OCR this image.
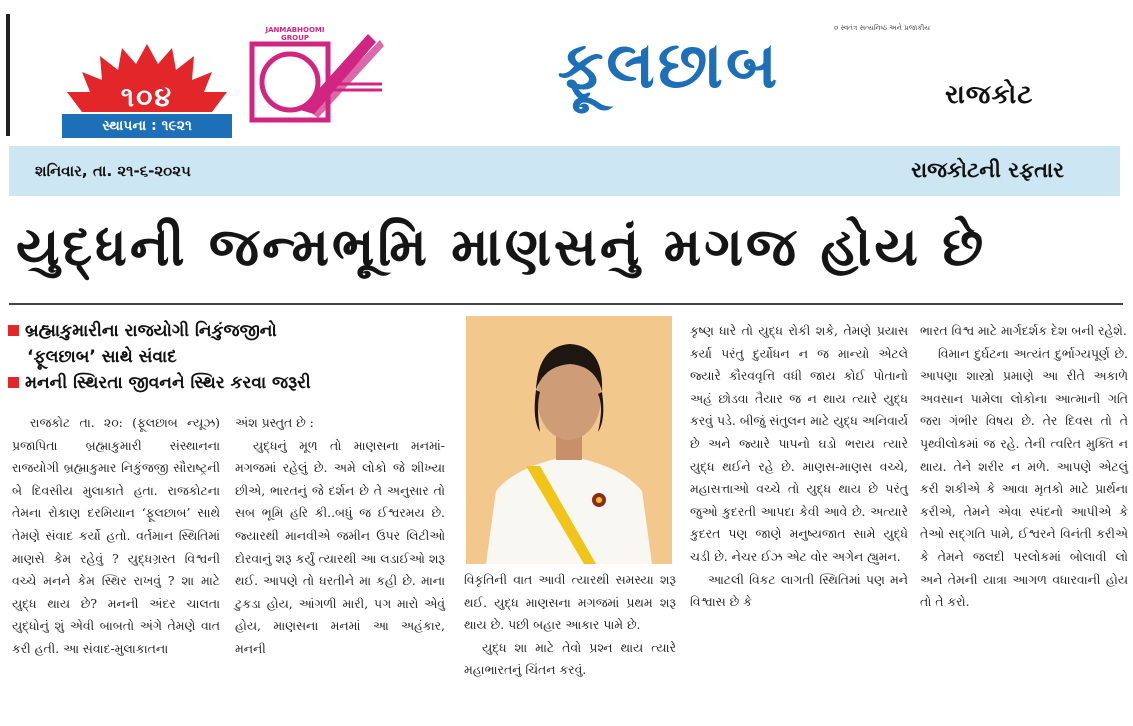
૧૦૪
સ્થાપના : ૧૯૨૧
JANMABHOOMI GROUP	ફૂલછાબ
૦ સ્વતંત્ર સત્યનિષ્ઠ અને પ્રજાકીય
રાજકોટ
શનિવાર, તા. ૨૧-૬-૨૦૨૫	રાજકોટની રફતાર
યુદ્ધની જન્મભૂમિ માણસનું મગજ હોય છે
બ્રહ્માકુમારીના રાજયોગી નિકુંજજીનો
‘ફૂલછાબ’ સાથે સંવાદ
મનની સ્થિરતા જીવનને સ્થિર કરવા જરૂરી

રાજકોટ તા. ૨૦: (ફૂલછાબ ન્યૂઝ) પ્રજાપિતા બ્રહ્માકુમારી સંસ્થાનના રાજયોગી બ્રહ્માકુમાર નિકુંજજી સૌરાષ્ટ્રની બે દિવસીય મુલાકાતે હતા. રાજકોટના તેમના રોકાણ દરમિયાન ‘ફૂલછાબ’ સાથે તેમણે સંવાદ કર્યો હતો. વર્તમાન સ્થિતિમાં માણસે કેમ રહેવું ? યુદ્ધગ્રસ્ત વિશ્વની વચ્ચે મનને કેમ સ્થિર રાખવું ? શા માટે યુદ્ધ થાય છે? મનની અંદર ચાલતા યુદ્ધોનું શું એવી બાબતો અંગે તેમણે વાત કરી હતી. આ સંવાદ-મુલાકાતના

અંશ પ્રસ્તુત છે :

યુદ્ધનું મૂળ તો માણસના મનમાં-મગજમાં રહેલું છે. અમે લોકો જે શીખ્યા છીએ, ભારતનું જે દર્શન છે તે અનુસાર તો સબ ભૂમિ હરિ કી..બધું જ ઈશ્વરમય છે. જ્યારથી માનવીએ જમીન ઉપર લિટીઓ દોરવાનું શરૂ કર્યું ત્યારથી આ લડાઈઓ શરૂ થઈ. આપણે તો ધરતીને મા કહી છે. માના ટુકડા હોય, આંગળી મારી, પગ મારો એવું હોય, માણસના મનમાં આ અહંકાર, મનની

વિકૃતિની વાત આવી ત્યારથી સમસ્યા શરૂ થઈ. યુદ્ધ માણસના મગજમાં પ્રથમ શરૂ થાય છે. પછી બહાર આકાર પામે છે.

યુદ્ધ શા માટે તેવો પ્રશ્ન થાય ત્યારે મહાભારતનું ચિંતન કરવું.

કૃષ્ણ ધારે તો યુદ્ધ રોકી શકે, તેમણે પ્રયાસ કર્યા પરંતુ દુર્યોધન ન જ માન્યો એટલે જ્યારે કૌરવવૃત્તિ વધી જાય કોઈ પોતાનો અહં છોડવા તૈયાર જ ન થાય ત્યારે યુદ્ધ કરવું પડે. બીજું સંતુલન માટે યુદ્ધ અનિવાર્ય છે અને જ્યારે પાપનો ઘડો ભરાય ત્યારે યુદ્ધ થઈને રહે છે. માણસ-માણસ વચ્ચે, મહાસત્તાઓ વચ્ચે તો યુદ્ધ થાય છે પરંતુ જુઓ કુદરતી આપદા કેવી આવે છે. અત્યારે કુદરત પણ જાણે મનુષ્યજાત સામે યુદ્ધે ચડી છે. નેચર ઈઝ એટ વોર અગેન હ્યુમન.

આટલી વિકટ લાગતી સ્થિતિમાં પણ મને વિશ્વાસ છે કે

ભારત વિશ્વ માટે માર્ગદર્શક દેશ બની રહેશે.

વિમાન દુર્ઘટના અત્યંત દુર્ભાગ્યપૂર્ણ છે. આપણા શાસ્ત્રો પ્રમાણે આ રીતે અકાળે અવસાન પામેલા લોકોના આત્માની ગતિ જરા ગંભીર વિષય છે. તેર દિવસ તો તે પૃથ્વીલોકમાં જ રહે. તેની ત્વરિત મુક્તિ ન થાય. તેને શરીર ન મળે. આપણે એટલું કરી શકીએ કે આવા મૃતકો માટે પ્રાર્થના કરીએ, તેમને એવા સ્પંદનો આપીએ કે તેઓ સદ્ગતિ પામે, ઈશ્વરને વિનંતી કરીએ કે તેમને જલદી પરલોકમાં બોલાવી લો અને તેમની યાત્રા આગળ વધારવાની હોય તો તે કરો.
